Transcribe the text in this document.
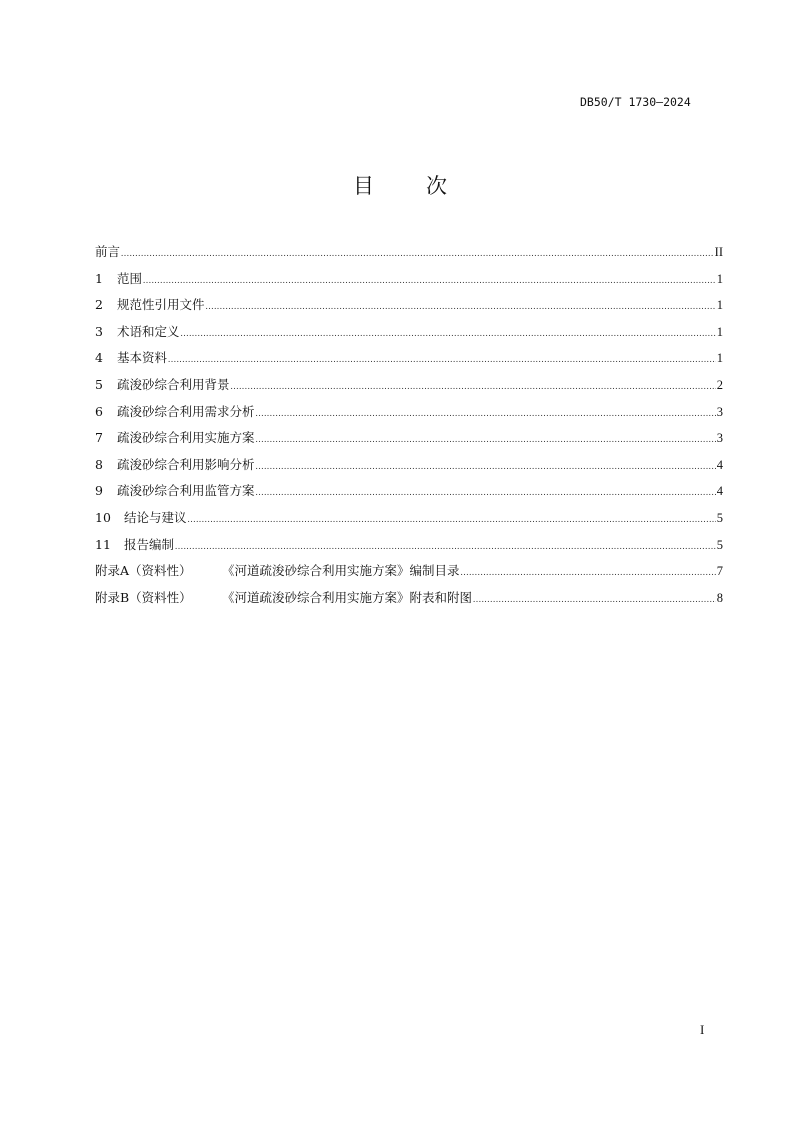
DB50/T 1730—2024
目 次
前言 .....	II
1	范围 .....	1
2	规范性引用文件 .....	1
3	术语和定义 .....	1
4	基本资料 .....	1
5	疏浚砂综合利用背景 .....	2
6	疏浚砂综合利用需求分析 .....	3
7	疏浚砂综合利用实施方案 .....	3
8	疏浚砂综合利用影响分析 .....	4
9	疏浚砂综合利用监管方案 .....	4
10	结论与建议 .....	5
11	报告编制 .....	5
附录A（资料性）	《河道疏浚砂综合利用实施方案》编制目录 .....	7
附录B（资料性）	《河道疏浚砂综合利用实施方案》附表和附图 .....	8
I
